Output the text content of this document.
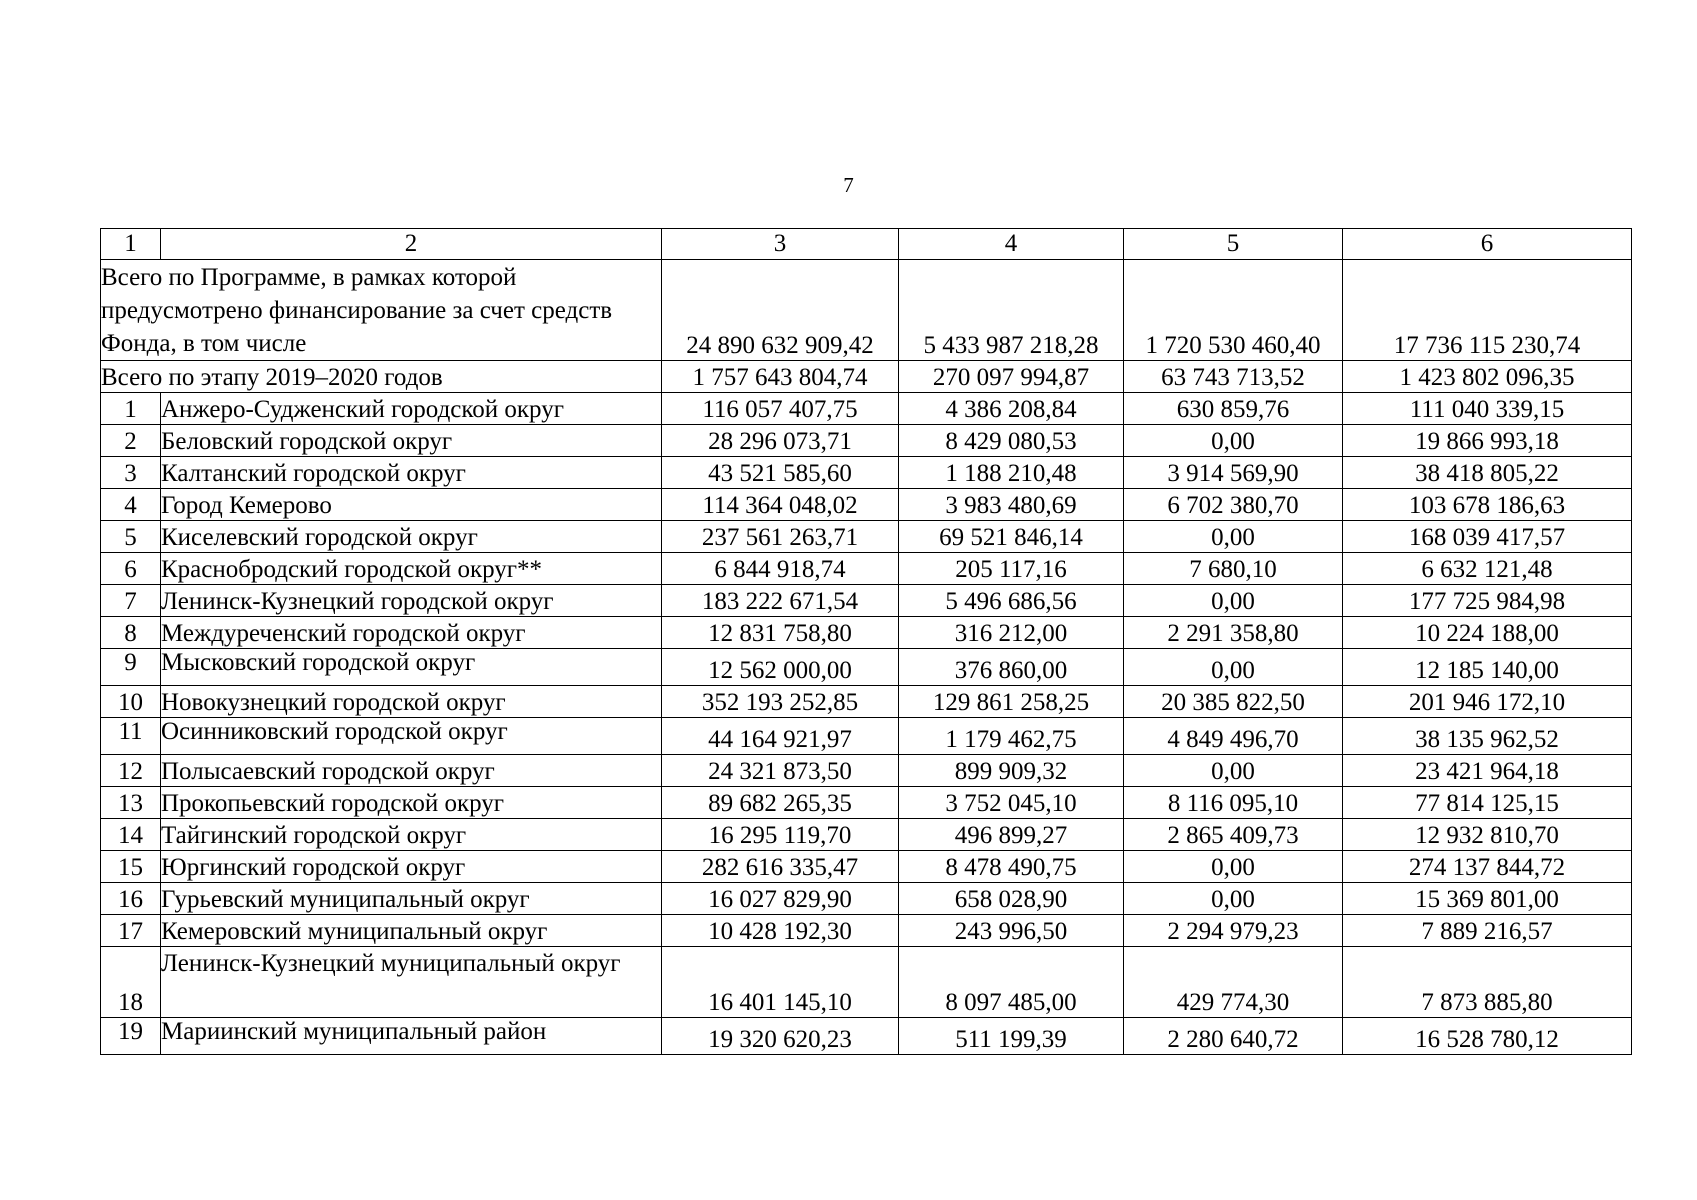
7
1	2	3	4	5	6
Всего по Программе, в рамках которой предусмотрено финансирование за счет средств Фонда, в том числе		24 890 632 909,42	5 433 987 218,28	1 720 530 460,40	17 736 115 230,74
Всего по этапу 2019–2020 годов		1 757 643 804,74	270 097 994,87	63 743 713,52	1 423 802 096,35
1	Анжеро-Судженский городской округ	116 057 407,75	4 386 208,84	630 859,76	111 040 339,15
2	Беловский городской округ	28 296 073,71	8 429 080,53	0,00	19 866 993,18
3	Калтанский городской округ	43 521 585,60	1 188 210,48	3 914 569,90	38 418 805,22
4	Город Кемерово	114 364 048,02	3 983 480,69	6 702 380,70	103 678 186,63
5	Киселевский городской округ	237 561 263,71	69 521 846,14	0,00	168 039 417,57
6	Краснобродский городской округ**	6 844 918,74	205 117,16	7 680,10	6 632 121,48
7	Ленинск-Кузнецкий городской округ	183 222 671,54	5 496 686,56	0,00	177 725 984,98
8	Междуреченский городской округ	12 831 758,80	316 212,00	2 291 358,80	10 224 188,00
9	Мысковский городской округ	12 562 000,00	376 860,00	0,00	12 185 140,00
10	Новокузнецкий городской округ	352 193 252,85	129 861 258,25	20 385 822,50	201 946 172,10
11	Осинниковский городской округ	44 164 921,97	1 179 462,75	4 849 496,70	38 135 962,52
12	Полысаевский городской округ	24 321 873,50	899 909,32	0,00	23 421 964,18
13	Прокопьевский городской округ	89 682 265,35	3 752 045,10	8 116 095,10	77 814 125,15
14	Тайгинский городской округ	16 295 119,70	496 899,27	2 865 409,73	12 932 810,70
15	Юргинский городской округ	282 616 335,47	8 478 490,75	0,00	274 137 844,72
16	Гурьевский муниципальный округ	16 027 829,90	658 028,90	0,00	15 369 801,00
17	Кемеровский муниципальный округ	10 428 192,30	243 996,50	2 294 979,23	7 889 216,57
18	Ленинск-Кузнецкий муниципальный округ	16 401 145,10	8 097 485,00	429 774,30	7 873 885,80
19	Мариинский муниципальный район	19 320 620,23	511 199,39	2 280 640,72	16 528 780,12
